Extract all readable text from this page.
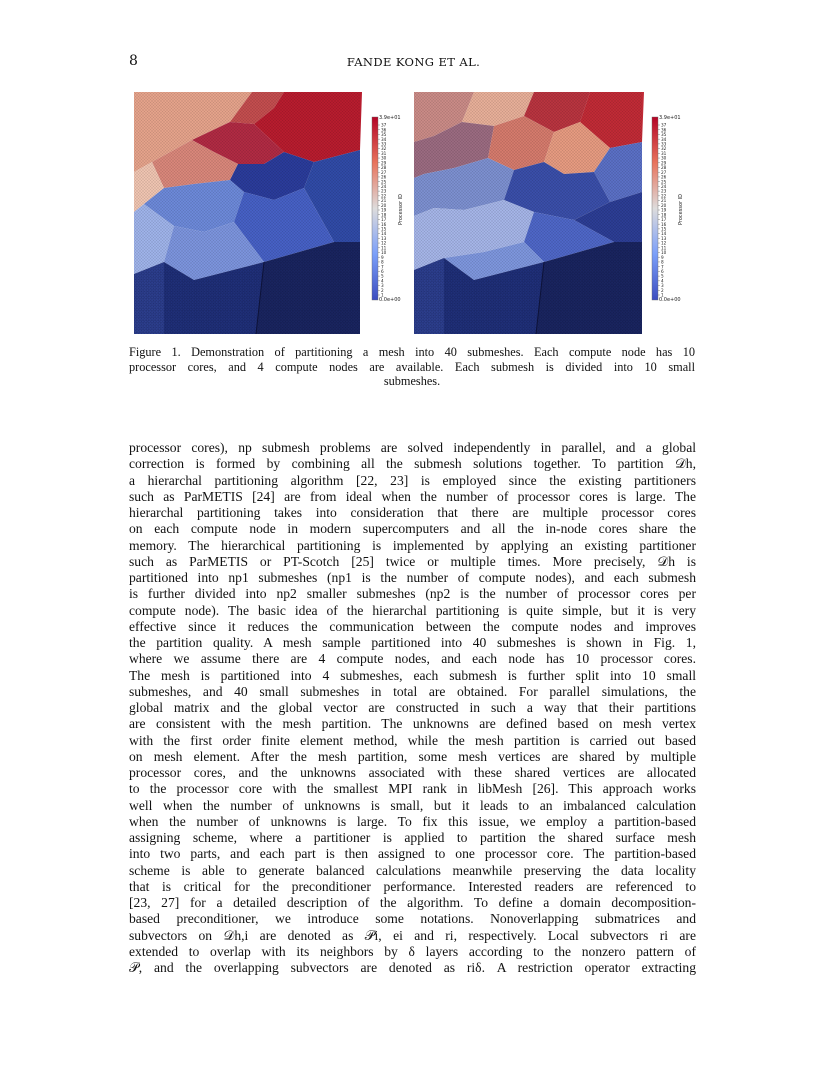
8	FANDE KONG ET AL.
37
36
35
34
33
32
31
30
29
28
27
26
25
24
23
22
21
20
19
18
17
16
15
14
13
12
11
10
9
8
7
6
5
4
3
2
1
3.9e+01
0.0e+00
Processor ID
37
36
35
34
33
32
31
30
29
28
27
26
25
24
23
22
21
20
19
18
17
16
15
14
13
12
11
10
9
8
7
6
5
4
3
2
1
3.9e+01
0.0e+00
Processor ID
Figure 1. Demonstration of partitioning a mesh into 40 submeshes. Each compute node has 10
processor cores, and 4 compute nodes are available. Each submesh is divided into 10 small
submeshes.
processor cores), np submesh problems are solved independently in parallel, and a global
correction is formed by combining all the submesh solutions together. To partition 𝒟h,
a hierarchal partitioning algorithm [22, 23] is employed since the existing partitioners
such as ParMETIS [24] are from ideal when the number of processor cores is large. The
hierarchal partitioning takes into consideration that there are multiple processor cores
on each compute node in modern supercomputers and all the in-node cores share the
memory. The hierarchical partitioning is implemented by applying an existing partitioner
such as ParMETIS or PT-Scotch [25] twice or multiple times. More precisely, 𝒟h is
partitioned into np1 submeshes (np1 is the number of compute nodes), and each submesh
is further divided into np2 smaller submeshes (np2 is the number of processor cores per
compute node). The basic idea of the hierarchal partitioning is quite simple, but it is very
effective since it reduces the communication between the compute nodes and improves
the partition quality. A mesh sample partitioned into 40 submeshes is shown in Fig. 1,
where we assume there are 4 compute nodes, and each node has 10 processor cores.
The mesh is partitioned into 4 submeshes, each submesh is further split into 10 small
submeshes, and 40 small submeshes in total are obtained. For parallel simulations, the
global matrix and the global vector are constructed in such a way that their partitions
are consistent with the mesh partition. The unknowns are defined based on mesh vertex
with the first order finite element method, while the mesh partition is carried out based
on mesh element. After the mesh partition, some mesh vertices are shared by multiple
processor cores, and the unknowns associated with these shared vertices are allocated
to the processor core with the smallest MPI rank in libMesh [26]. This approach works
well when the number of unknowns is small, but it leads to an imbalanced calculation
when the number of unknowns is large. To fix this issue, we employ a partition-based
assigning scheme, where a partitioner is applied to partition the shared surface mesh
into two parts, and each part is then assigned to one processor core. The partition-based
scheme is able to generate balanced calculations meanwhile preserving the data locality
that is critical for the preconditioner performance. Interested readers are referenced to
[23, 27] for a detailed description of the algorithm. To define a domain decomposition-
based preconditioner, we introduce some notations. Nonoverlapping submatrices and
subvectors on 𝒟h,i are denoted as 𝒫i, ei and ri, respectively. Local subvectors ri are
extended to overlap with its neighbors by δ layers according to the nonzero pattern of
𝒫, and the overlapping subvectors are denoted as riδ. A restriction operator extracting
